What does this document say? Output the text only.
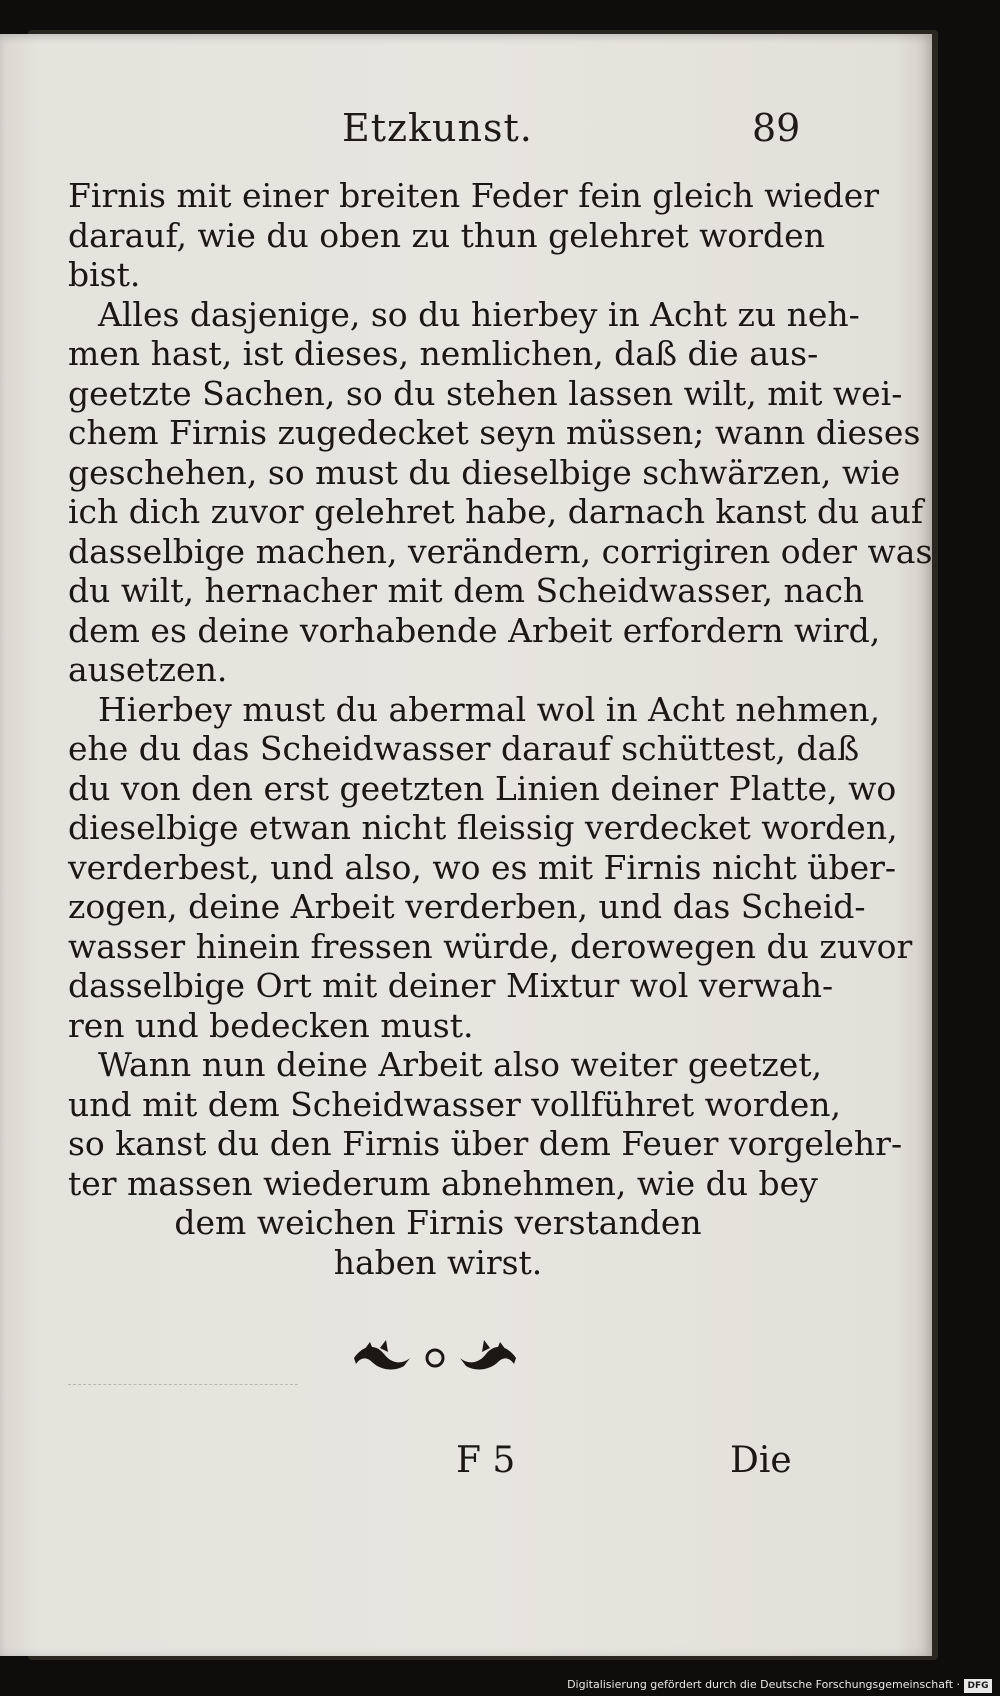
Etzkunst.	89
Firnis mit einer breiten Feder fein gleich wieder
darauf, wie du oben zu thun gelehret worden
bist.
Alles dasjenige, so du hierbey in Acht zu neh-
men hast, ist dieses, nemlichen, daß die aus-
geetzte Sachen, so du stehen lassen wilt, mit wei-
chem Firnis zugedecket seyn müssen; wann dieses
geschehen, so must du dieselbige schwärzen, wie
ich dich zuvor gelehret habe, darnach kanst du auf
dasselbige machen, verändern, corrigiren oder was
du wilt, hernacher mit dem Scheidwasser, nach
dem es deine vorhabende Arbeit erfordern wird,
ausetzen.
Hierbey must du abermal wol in Acht nehmen,
ehe du das Scheidwasser darauf schüttest, daß
du von den erst geetzten Linien deiner Platte, wo
dieselbige etwan nicht fleissig verdecket worden,
verderbest, und also, wo es mit Firnis nicht über-
zogen, deine Arbeit verderben, und das Scheid-
wasser hinein fressen würde, derowegen du zuvor
dasselbige Ort mit deiner Mixtur wol verwah-
ren und bedecken must.
Wann nun deine Arbeit also weiter geetzet,
und mit dem Scheidwasser vollführet worden,
so kanst du den Firnis über dem Feuer vorgelehr-
ter massen wiederum abnehmen, wie du bey
dem weichen Firnis verstanden
haben wirst.
F 5	Die
Digitalisierung gefördert durch die Deutsche Forschungsgemeinschaft · DFG
